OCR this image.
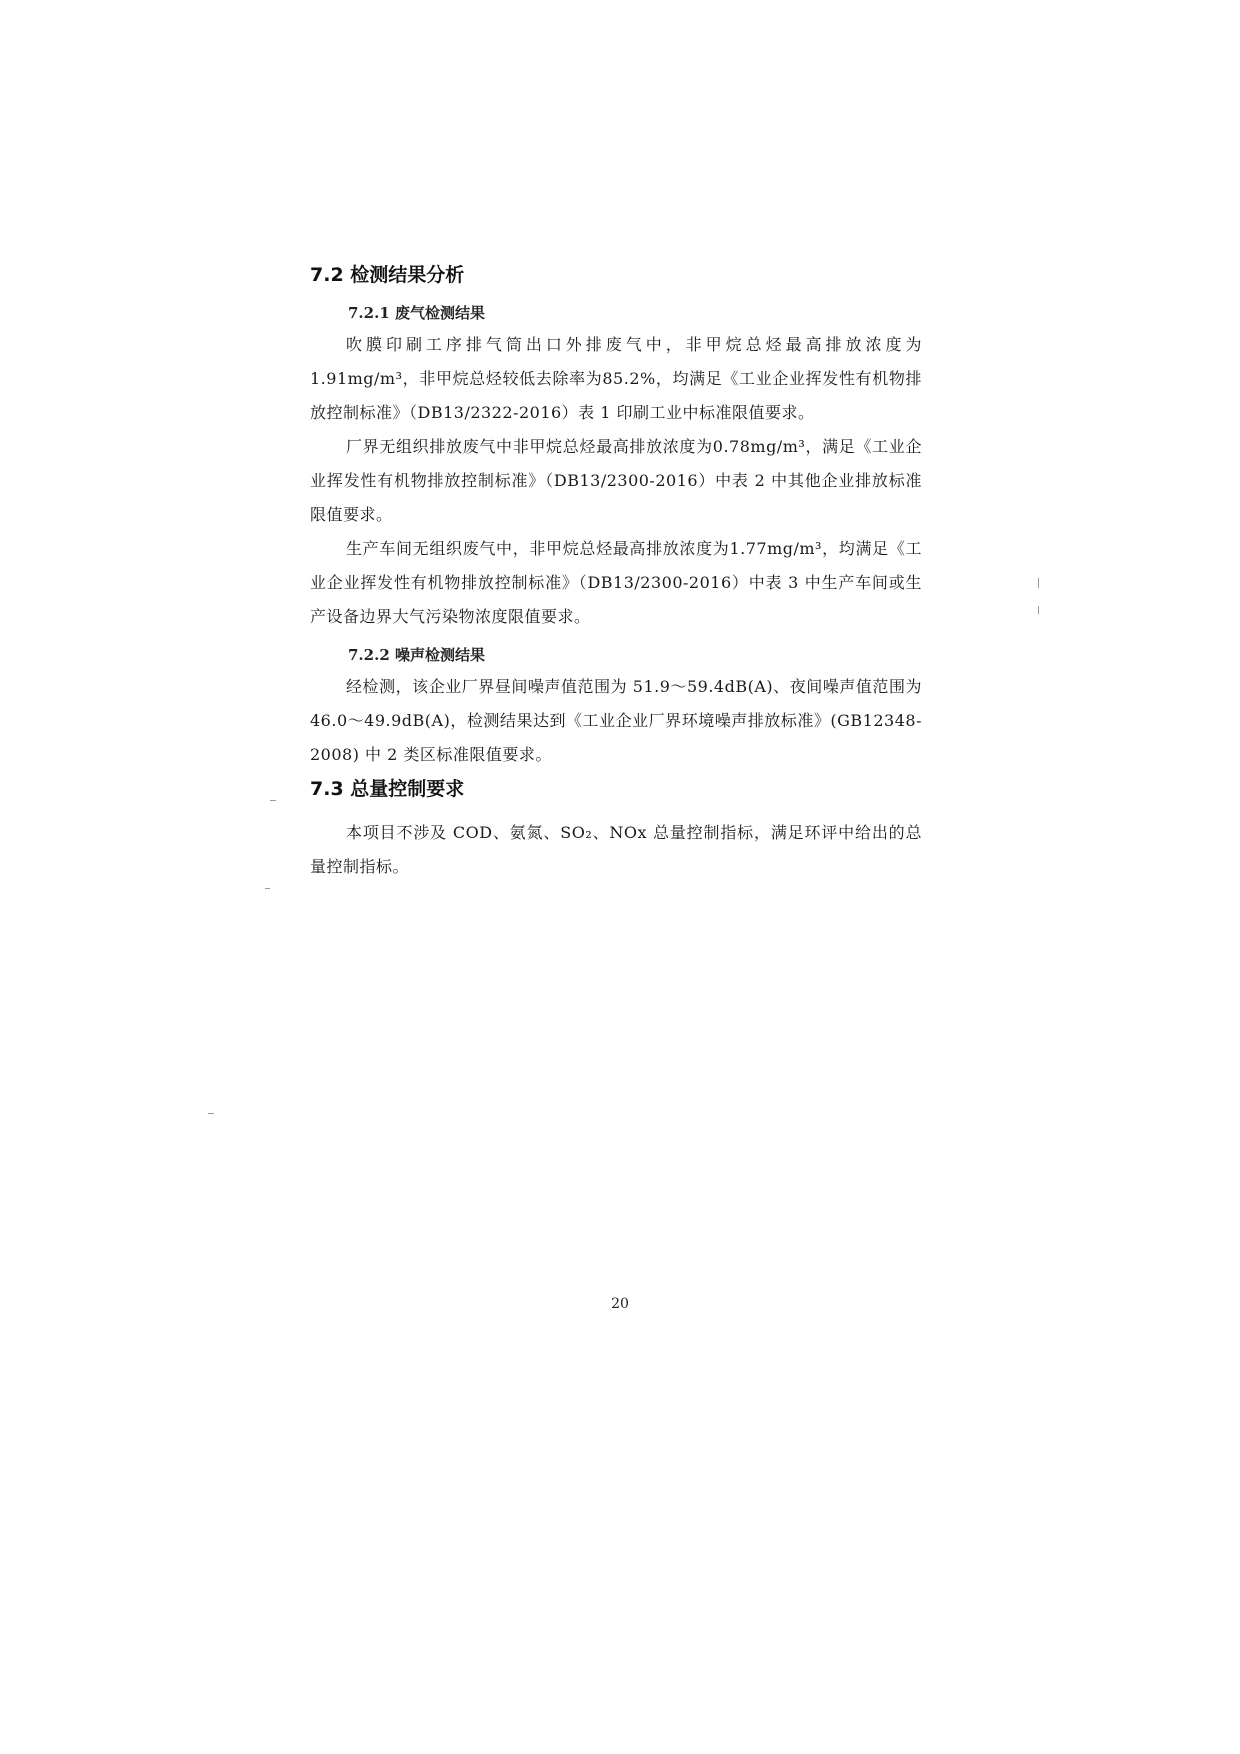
7.2 检测结果分析
7.2.1 废气检测结果

吹膜印刷工序排气筒出口外排废气中，非甲烷总烃最高排放浓度为1.91mg/m³，非甲烷总烃较低去除率为85.2%，均满足《工业企业挥发性有机物排放控制标准》（DB13/2322-2016）表 1 印刷工业中标准限值要求。

厂界无组织排放废气中非甲烷总烃最高排放浓度为0.78mg/m³，满足《工业企业挥发性有机物排放控制标准》（DB13/2300-2016）中表 2 中其他企业排放标准限值要求。

生产车间无组织废气中，非甲烷总烃最高排放浓度为1.77mg/m³，均满足《工业企业挥发性有机物排放控制标准》（DB13/2300-2016）中表 3 中生产车间或生产设备边界大气污染物浓度限值要求。

7.2.2 噪声检测结果

经检测，该企业厂界昼间噪声值范围为 51.9～59.4dB(A)、夜间噪声值范围为 46.0～49.9dB(A)，检测结果达到《工业企业厂界环境噪声排放标准》(GB12348-2008) 中 2 类区标准限值要求。

7.3 总量控制要求

本项目不涉及 COD、氨氮、SO₂、NOx 总量控制指标，满足环评中给出的总量控制指标。

20
